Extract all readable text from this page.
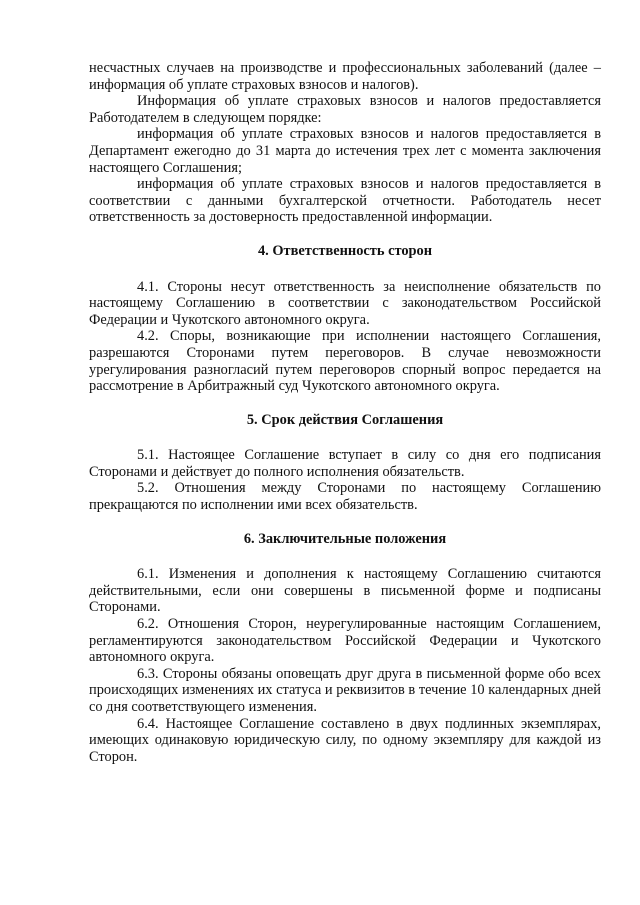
несчастных случаев на производстве и профессиональных заболеваний (далее – информация об уплате страховых взносов и налогов).

Информация об уплате страховых взносов и налогов предоставляется Работодателем в следующем порядке:

информация об уплате страховых взносов и налогов предоставляется в Департамент ежегодно до 31 марта до истечения трех лет с момента заключения настоящего Соглашения;

информация об уплате страховых взносов и налогов предоставляется в соответствии с данными бухгалтерской отчетности. Работодатель несет ответственность за достоверность предоставленной информации.

4. Ответственность сторон

4.1. Стороны несут ответственность за неисполнение обязательств по настоящему Соглашению в соответствии с законодательством Российской Федерации и Чукотского автономного округа.

4.2. Споры, возникающие при исполнении настоящего Соглашения, разрешаются Сторонами путем переговоров. В случае невозможности урегулирования разногласий путем переговоров спорный вопрос передается на рассмотрение в Арбитражный суд Чукотского автономного округа.

5. Срок действия Соглашения

5.1. Настоящее Соглашение вступает в силу со дня его подписания Сторонами и действует до полного исполнения обязательств.

5.2. Отношения между Сторонами по настоящему Соглашению прекращаются по исполнении ими всех обязательств.

6. Заключительные положения

6.1. Изменения и дополнения к настоящему Соглашению считаются действительными, если они совершены в письменной форме и подписаны Сторонами.

6.2. Отношения Сторон, неурегулированные настоящим Соглашением, регламентируются законодательством Российской Федерации и Чукотского автономного округа.

6.3. Стороны обязаны оповещать друг друга в письменной форме обо всех происходящих изменениях их статуса и реквизитов в течение 10 календарных дней со дня соответствующего изменения.

6.4. Настоящее Соглашение составлено в двух подлинных экземплярах, имеющих одинаковую юридическую силу, по одному экземпляру для каждой из Сторон.
